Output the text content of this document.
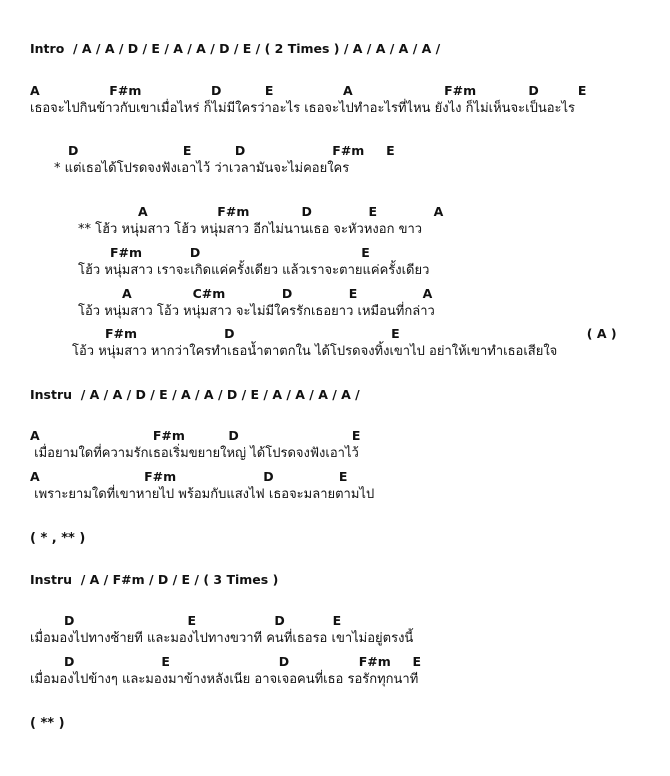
Intro  / A / A / D / E / A / A / D / E / ( 2 Times ) / A / A / A / A /
A                F#m                D          E                A                     F#m            D         E
เธอจะไปกินข้าวกับเขาเมื่อไหร่ ก็ไม่มีใครว่าอะไร เธอจะไปทำอะไรที่ไหน ยังไง ก็ไม่เห็นจะเป็นอะไร
D                        E          D                    F#m     E
* แต่เธอได้โปรดจงฟังเอาไว้ ว่าเวลามันจะไม่คอยใคร
A                F#m            D             E             A
** โฮ้ว หนุ่มสาว โฮ้ว หนุ่มสาว อีกไม่นานเธอ จะหัวหงอก ขาว
F#m           D                                     E
โฮ้ว หนุ่มสาว เราจะเกิดแค่ครั้งเดียว แล้วเราจะตายแค่ครั้งเดียว
A              C#m             D             E               A
โอ้ว หนุ่มสาว โอ้ว หนุ่มสาว จะไม่มีใครรักเธอยาว เหมือนที่กล่าว
F#m                    D                                    E                                           ( A )
โอ้ว หนุ่มสาว หากว่าใครทำเธอน้ำตาตกใน ได้โปรดจงทิ้งเขาไป อย่าให้เขาทำเธอเสียใจ
Instru  / A / A / D / E / A / A / D / E / A / A / A / A /
A                          F#m          D                          E
เมื่อยามใดที่ความรักเธอเริ่มขยายใหญ่ ได้โปรดจงฟังเอาไว้
A                        F#m                    D               E
เพราะยามใดที่เขาหายไป พร้อมกับแสงไฟ เธอจะมลายตามไป
( * , ** )
Instru  / A / F#m / D / E / ( 3 Times )
D                          E                  D           E
เมื่อมองไปทางซ้ายที และมองไปทางขวาที คนที่เธอรอ เขาไม่อยู่ตรงนี้
D                    E                         D                F#m     E
เมื่อมองไปข้างๆ และมองมาข้างหลังเนีย อาจเจอคนที่เธอ รอรักทุกนาที
( ** )
